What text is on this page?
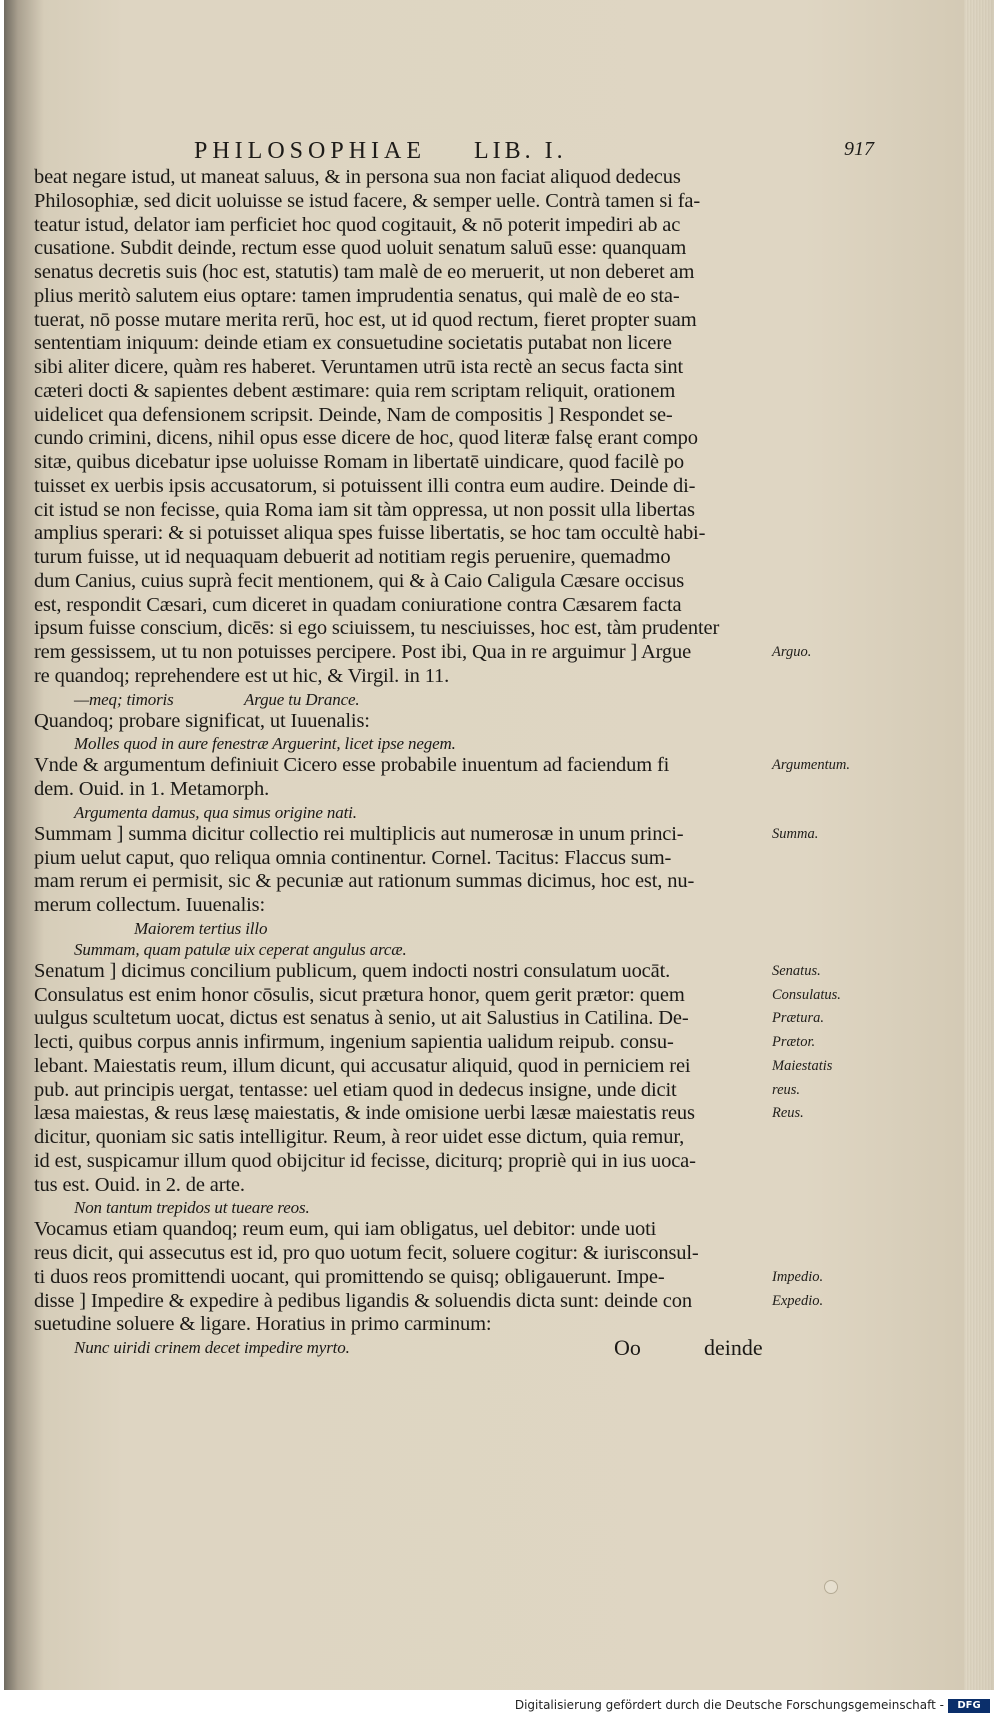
PHILOSOPHIAE LIB. I.	917
beat negare istud, ut maneat saluus, & in persona sua non faciat aliquod dedecus
Philosophiæ, sed dicit uoluisse se istud facere, & semper uelle. Contrà tamen si fa-
teatur istud, delator iam perficiet hoc quod cogitauit, & nō poterit impediri ab ac
cusatione. Subdit deinde, rectum esse quod uoluit senatum saluū esse: quanquam
senatus decretis suis (hoc est, statutis) tam malè de eo meruerit, ut non deberet am
plius meritò salutem eius optare: tamen imprudentia senatus, qui malè de eo sta-
tuerat, nō posse mutare merita rerū, hoc est, ut id quod rectum, fieret propter suam
sententiam iniquum: deinde etiam ex consuetudine societatis putabat non licere
sibi aliter dicere, quàm res haberet. Veruntamen utrū ista rectè an secus facta sint
cæteri docti & sapientes debent æstimare: quia rem scriptam reliquit, orationem
uidelicet qua defensionem scripsit. Deinde, Nam de compositis ] Respondet se-
cundo crimini, dicens, nihil opus esse dicere de hoc, quod literæ falsę erant compo
sitæ, quibus dicebatur ipse uoluisse Romam in libertatē uindicare, quod facilè po
tuisset ex uerbis ipsis accusatorum, si potuissent illi contra eum audire. Deinde di-
cit istud se non fecisse, quia Roma iam sit tàm oppressa, ut non possit ulla libertas
amplius sperari: & si potuisset aliqua spes fuisse libertatis, se hoc tam occultè habi-
turum fuisse, ut id nequaquam debuerit ad notitiam regis peruenire, quemadmo
dum Canius, cuius suprà fecit mentionem, qui & à Caio Caligula Cæsare occisus
est, respondit Cæsari, cum diceret in quadam coniuratione contra Cæsarem facta
ipsum fuisse conscium, dicēs: si ego sciuissem, tu nesciuisses, hoc est, tàm prudenter
rem gessissem, ut tu non potuisses percipere. Post ibi, Qua in re arguimur ] Argue
re quandoq; reprehendere est ut hic, & Virgil. in 11.
—meq; timoris	Argue tu Drance.
Quandoq; probare significat, ut Iuuenalis:
Molles quod in aure fenestræ Arguerint, licet ipse negem.
Vnde & argumentum definiuit Cicero esse probabile inuentum ad faciendum fi
dem. Ouid. in 1. Metamorph.
Argumenta damus, qua simus origine nati.
Summam ] summa dicitur collectio rei multiplicis aut numerosæ in unum princi-
pium uelut caput, quo reliqua omnia continentur. Cornel. Tacitus: Flaccus sum-
mam rerum ei permisit, sic & pecuniæ aut rationum summas dicimus, hoc est, nu-
merum collectum. Iuuenalis:
Maiorem tertius illo
Summam, quam patulæ uix ceperat angulus arcæ.
Senatum ] dicimus concilium publicum, quem indocti nostri consulatum uocāt.
Consulatus est enim honor cōsulis, sicut prætura honor, quem gerit prætor: quem
uulgus scultetum uocat, dictus est senatus à senio, ut ait Salustius in Catilina. De-
lecti, quibus corpus annis infirmum, ingenium sapientia ualidum reipub. consu-
lebant. Maiestatis reum, illum dicunt, qui accusatur aliquid, quod in perniciem rei
pub. aut principis uergat, tentasse: uel etiam quod in dedecus insigne, unde dicit
læsa maiestas, & reus læsę maiestatis, & inde omisione uerbi læsæ maiestatis reus
dicitur, quoniam sic satis intelligitur. Reum, à reor uidet esse dictum, quia remur,
id est, suspicamur illum quod obijcitur id fecisse, diciturq; propriè qui in ius uoca-
tus est. Ouid. in 2. de arte.
Non tantum trepidos ut tueare reos.
Vocamus etiam quandoq; reum eum, qui iam obligatus, uel debitor: unde uoti
reus dicit, qui assecutus est id, pro quo uotum fecit, soluere cogitur: & iurisconsul-
ti duos reos promittendi uocant, qui promittendo se quisq; obligauerunt. Impe-
disse ] Impedire & expedire à pedibus ligandis & soluendis dicta sunt: deinde con
suetudine soluere & ligare. Horatius in primo carminum:
Nunc uiridi crinem decet impedire myrto.
Arguo.
Argumentum.
Summa.
Senatus.
Consulatus.
Prætura.
Prætor.
Maiestatis
reus.
Reus.
Impedio.
Expedio.
Oo	deinde
Digitalisierung gefördert durch die Deutsche Forschungsgemeinschaft -	DFG
